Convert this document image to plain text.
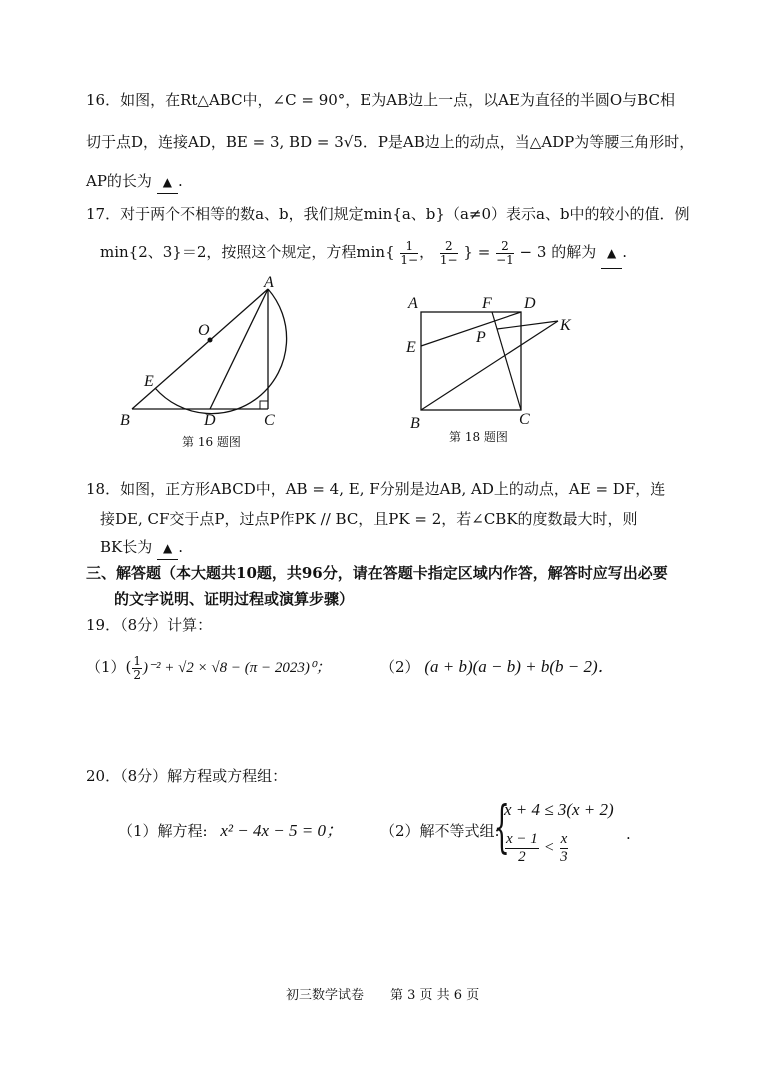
16．如图，在Rt△ABC中，∠C = 90°，E为AB边上一点，以AE为直径的半圆O与BC相
切于点D，连接AD，BE = 3, BD = 3√5．P是AB边上的动点，当△ADP为等腰三角形时，
AP的长为 ▲ .
17．对于两个不相等的数a、b，我们规定min{a、b}（a≠0）表示a、b中的较小的值．例
min{2、3}＝2，按照这个规定，方程$\min\{ \frac{1}{1-}$ ， $\frac{2}{1-}$ } = $\frac{2}{-1} - 3$ 的解为 ▲ .
A
O
E
B	D	C
第 16 题图
A	F D
E
P
K
B	C
第 18 题图
18．如图，正方形ABCD中，AB = 4, E, F分别是边AB, AD上的动点，AE = DF，连
接DE, CF交于点P，过点P作PK // BC，且PK = 2，若∠CBK的度数最大时，则
BK长为 ▲ .
三、解答题（本大题共10题，共96分，请在答题卡指定区域内作答，解答时应写出必要
的文字说明、证明过程或演算步骤）
19．（8分）计算：
$(1)( \frac{1}{2} )^{-2} + √2 \times √8 - (\pi - 2023)^0$；	（2） (a + b)(a − b) + b(b − 2)．
20．（8分）解方程或方程组：
（1）解方程: x² − 4x − 5 = 0； （2）解不等式组:
{
x + 4 ≤ 3(x + 2)
$\frac{x - 1}{2} < \frac{x}{3}$	.
初三数学试卷　　第 3 页 共 6 页
